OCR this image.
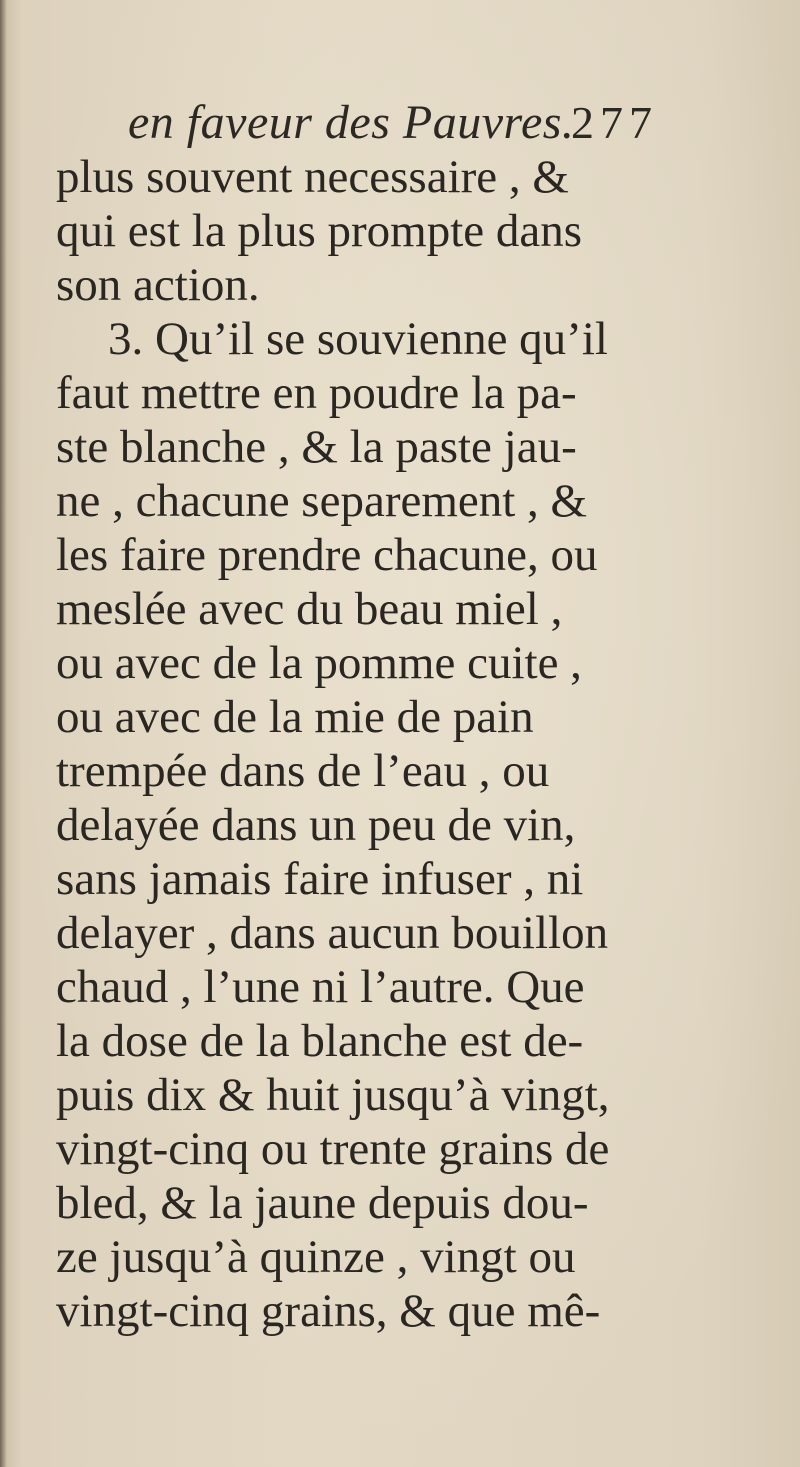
en faveur des Pauvres.
277
plus souvent necessaire , &
qui est la plus prompte dans
son action.
3. Qu’il se souvienne qu’il
faut mettre en poudre la pa-
ste blanche , & la paste jau-
ne , chacune separement , &
les faire prendre chacune, ou
meslée avec du beau miel ,
ou avec de la pomme cuite ,
ou avec de la mie de pain
trempée dans de l’eau , ou
delayée dans un peu de vin,
sans jamais faire infuser , ni
delayer , dans aucun bouillon
chaud , l’une ni l’autre. Que
la dose de la blanche est de-
puis dix & huit jusqu’à vingt,
vingt-cinq ou trente grains de
bled, & la jaune depuis dou-
ze jusqu’à quinze , vingt ou
vingt-cinq grains, & que mê-
